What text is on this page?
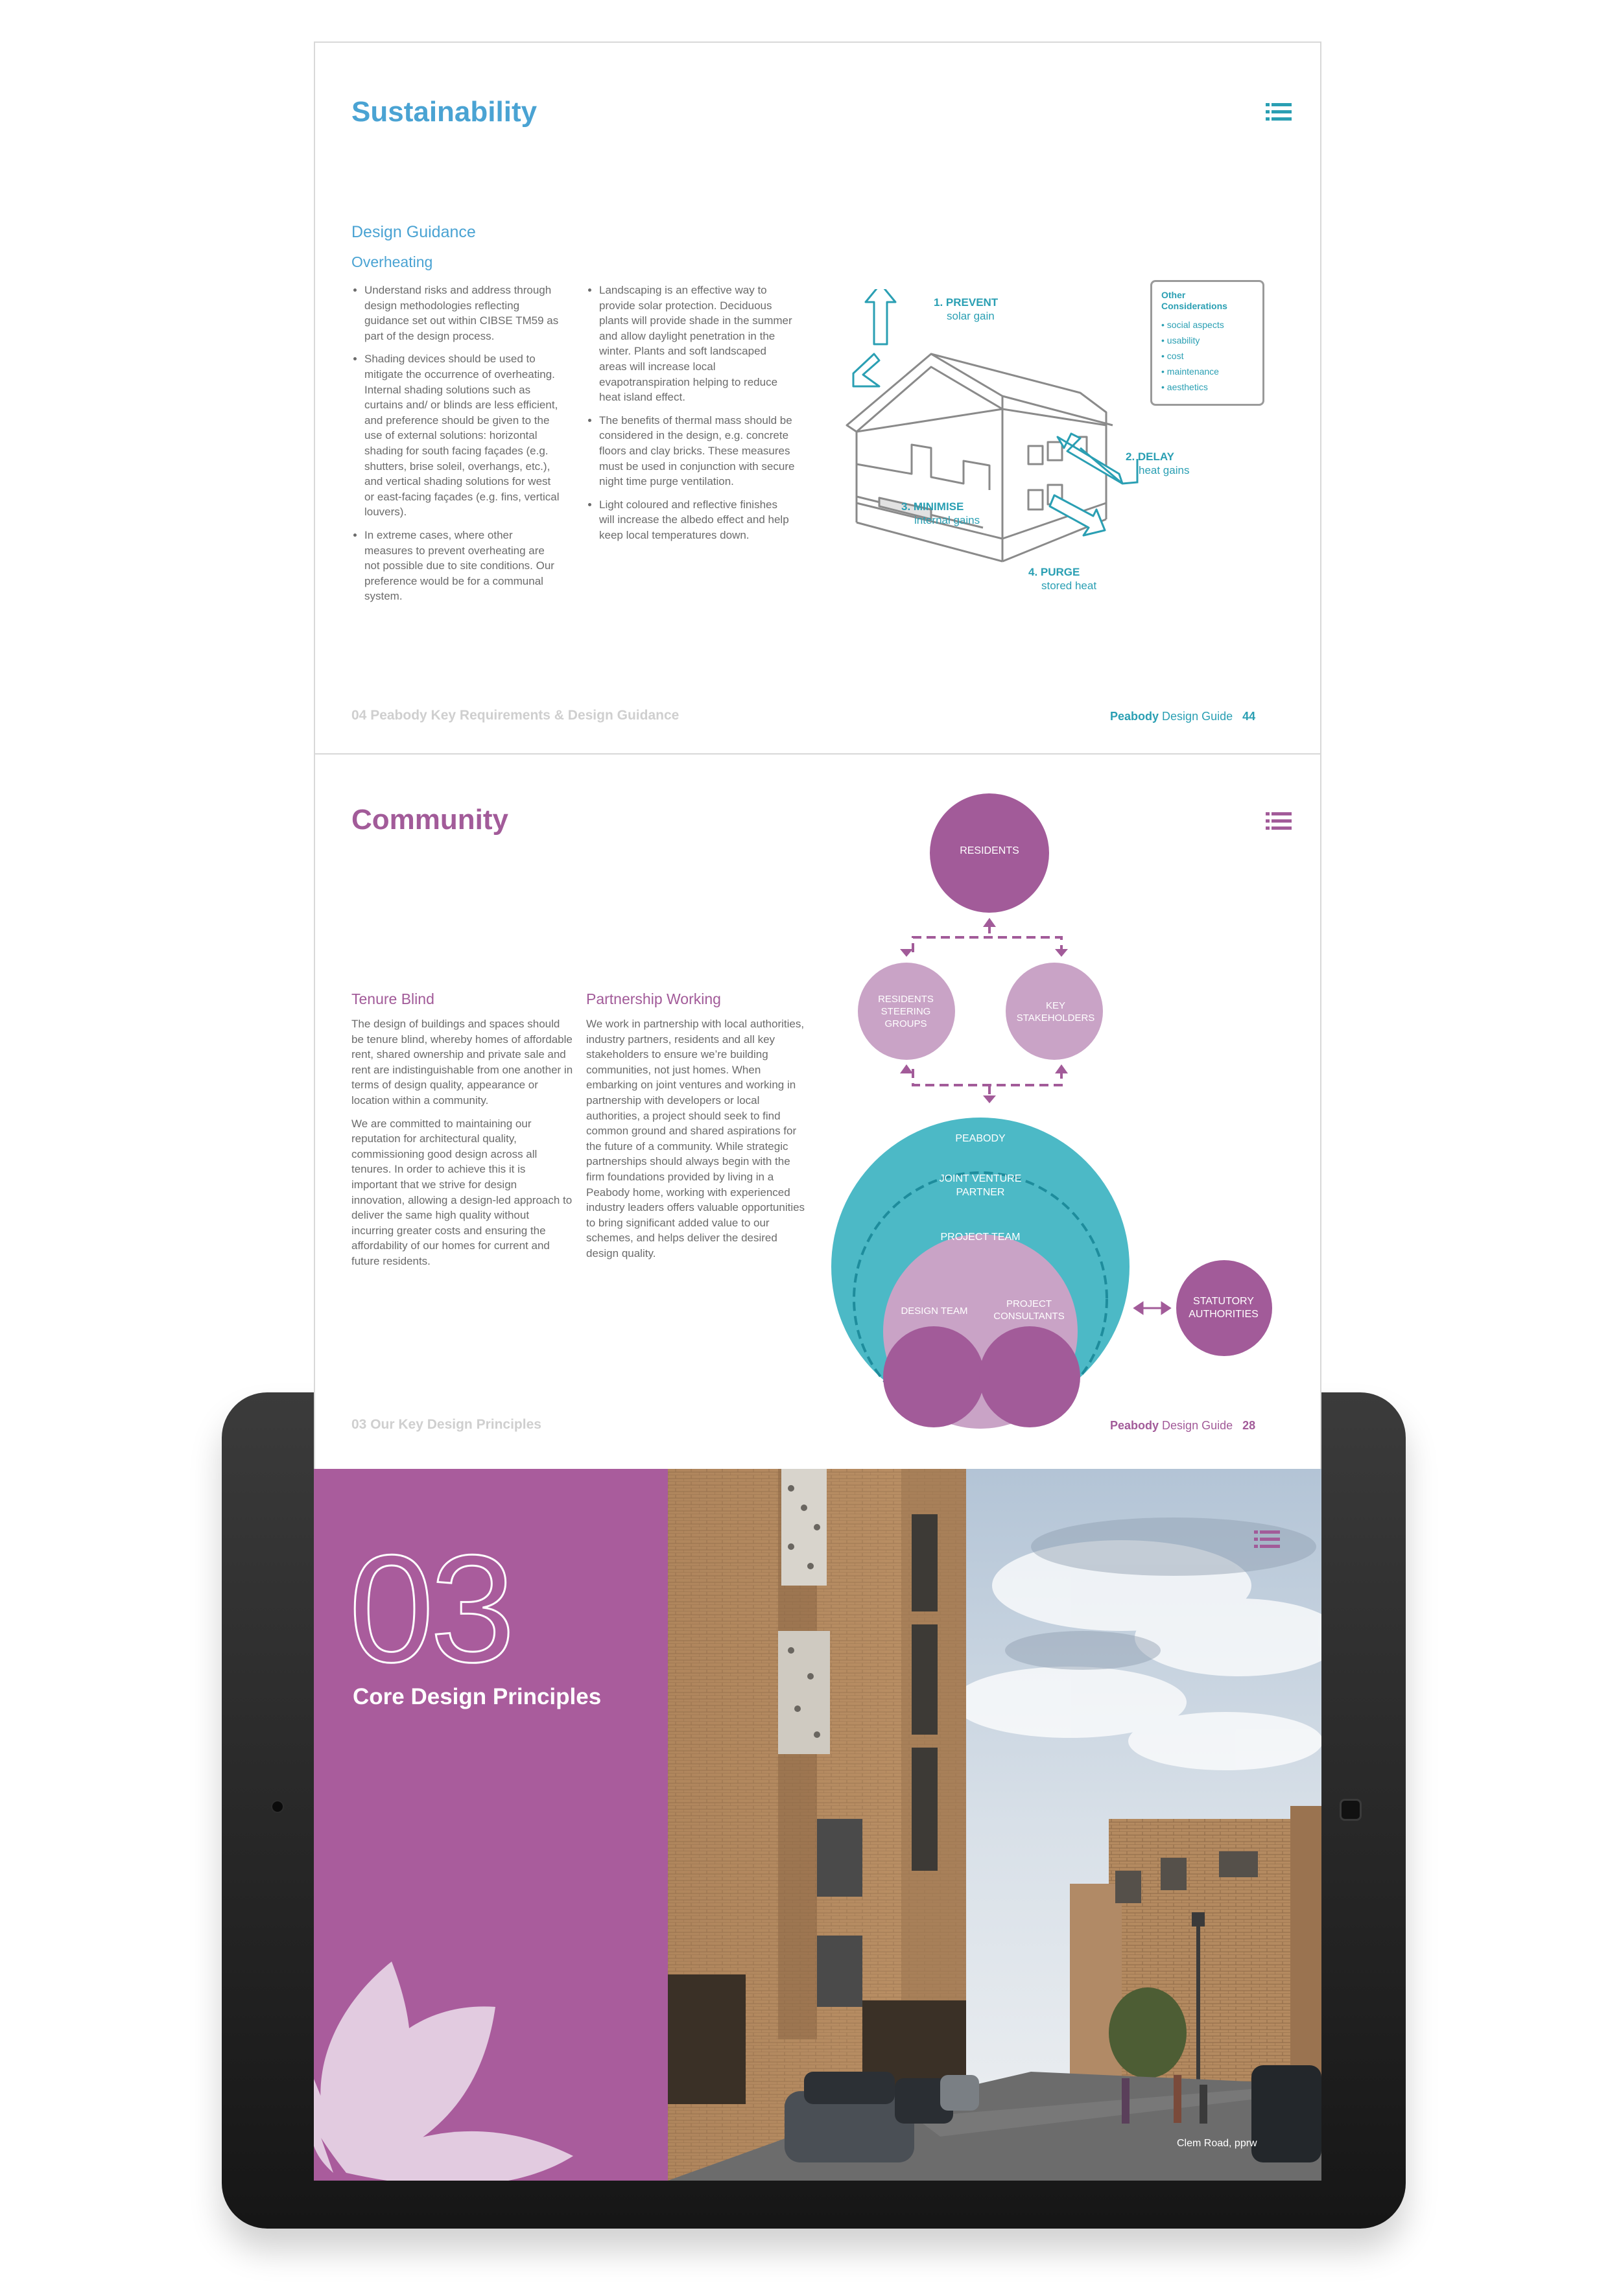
Sustainability
Design Guidance
Overheating
• Understand risks and address through design methodologies reflecting guidance set out within CIBSE TM59 as part of the design process.
• Shading devices should be used to mitigate the occurrence of overheating. Internal shading solutions such as curtains and/ or blinds are less efficient, and preference should be given to the use of external solutions: horizontal shading for south facing façades (e.g. shutters, brise soleil, overhangs, etc.), and vertical shading solutions for west or east-facing façades (e.g. fins, vertical louvers).
• In extreme cases, where other measures to prevent overheating are not possible due to site conditions. Our preference would be for a communal system.
• Landscaping is an effective way to provide solar protection. Deciduous plants will provide shade in the summer and allow daylight penetration in the winter. Plants and soft landscaped areas will increase local evapotranspiration helping to reduce heat island effect.
• The benefits of thermal mass should be considered in the design, e.g. concrete floors and clay bricks. These measures must be used in conjunction with secure night time purge ventilation.
• Light coloured and reflective finishes will increase the albedo effect and help keep local temperatures down.
1. PREVENT
solar gain
2. DELAY
heat gains
3. MINIMISE
internal gains
4. PURGE
stored heat
Other
Considerations
• social aspects
• usability
• cost
• maintenance
• aesthetics
04 Peabody Key Requirements & Design Guidance	Peabody Design Guide 44
Community
Tenure Blind

The design of buildings and spaces should be tenure blind, whereby homes of affordable rent, shared ownership and private sale and rent are indistinguishable from one another in terms of design quality, appearance or location within a community.

We are committed to maintaining our reputation for architectural quality, commissioning good design across all tenures. In order to achieve this it is important that we strive for design innovation, allowing a design-led approach to deliver the same high quality without incurring greater costs and ensuring the affordability of our homes for current and future residents.

Partnership Working

We work in partnership with local authorities, industry partners, residents and all key stakeholders to ensure we’re building communities, not just homes. When embarking on joint ventures and working in partnership with developers or local authorities, a project should seek to find common ground and shared aspirations for the future of a community. While strategic partnerships should always begin with the firm foundations provided by living in a Peabody home, working with experienced industry leaders offers valuable opportunities to bring significant added value to our schemes, and helps deliver the desired design quality.

RESIDENTS
RESIDENTS
STEERING
GROUPS
KEY
STAKEHOLDERS
PEABODY
JOINT VENTURE
PARTNER
PROJECT TEAM
DESIGN TEAM
PROJECT
CONSULTANTS
STATUTORY
AUTHORITIES
03 Our Key Design Principles	Peabody Design Guide 28
03
Core Design Principles
Clem Road, pprw
